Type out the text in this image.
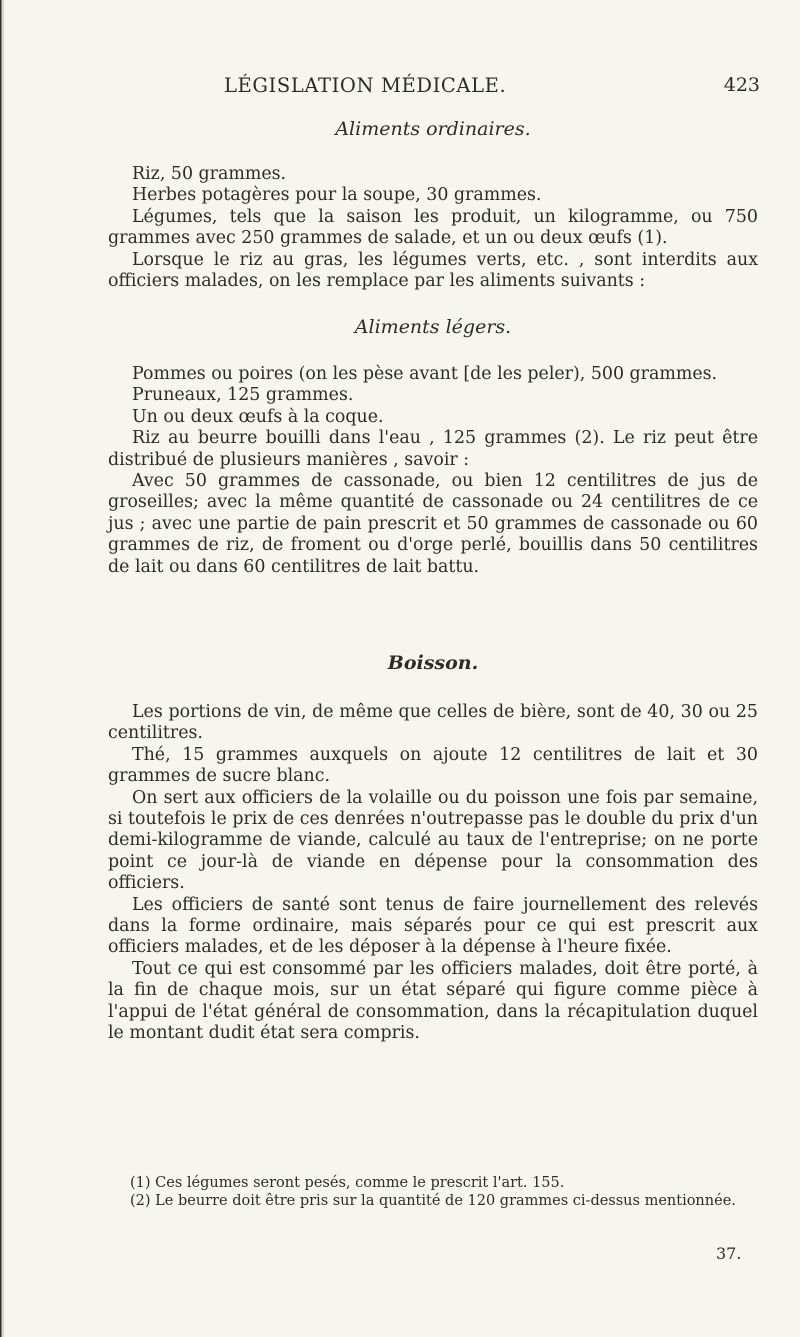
LÉGISLATION MÉDICALE.	423
Aliments ordinaires.

Riz, 50 grammes.

Herbes potagères pour la soupe, 30 grammes.

Légumes, tels que la saison les produit, un kilogramme, ou 750 grammes avec 250 grammes de salade, et un ou deux œufs (1).

Lorsque le riz au gras, les légumes verts, etc. , sont interdits aux officiers malades, on les remplace par les aliments suivants :

Aliments légers.

Pommes ou poires (on les pèse avant [de les peler), 500 grammes.

Pruneaux, 125 grammes.

Un ou deux œufs à la coque.

Riz au beurre bouilli dans l'eau , 125 grammes (2). Le riz peut être distribué de plusieurs manières , savoir :

Avec 50 grammes de cassonade, ou bien 12 centilitres de jus de groseilles; avec la même quantité de cassonade ou 24 centilitres de ce jus ; avec une partie de pain prescrit et 50 grammes de cassonade ou 60 grammes de riz, de froment ou d'orge perlé, bouillis dans 50 centilitres de lait ou dans 60 centilitres de lait battu.

Boisson.

Les portions de vin, de même que celles de bière, sont de 40, 30 ou 25 centilitres.

Thé, 15 grammes auxquels on ajoute 12 centilitres de lait et 30 grammes de sucre blanc.

On sert aux officiers de la volaille ou du poisson une fois par semaine, si toutefois le prix de ces denrées n'outrepasse pas le double du prix d'un demi-kilogramme de viande, calculé au taux de l'entreprise; on ne porte point ce jour-là de viande en dépense pour la consommation des officiers.

Les officiers de santé sont tenus de faire journellement des relevés dans la forme ordinaire, mais séparés pour ce qui est prescrit aux officiers malades, et de les déposer à la dépense à l'heure fixée.

Tout ce qui est consommé par les officiers malades, doit être porté, à la fin de chaque mois, sur un état séparé qui figure comme pièce à l'appui de l'état général de consommation, dans la récapitulation duquel le montant dudit état sera compris.

(1) Ces légumes seront pesés, comme le prescrit l'art. 155.

(2) Le beurre doit être pris sur la quantité de 120 grammes ci-dessus mentionnée.

37.
